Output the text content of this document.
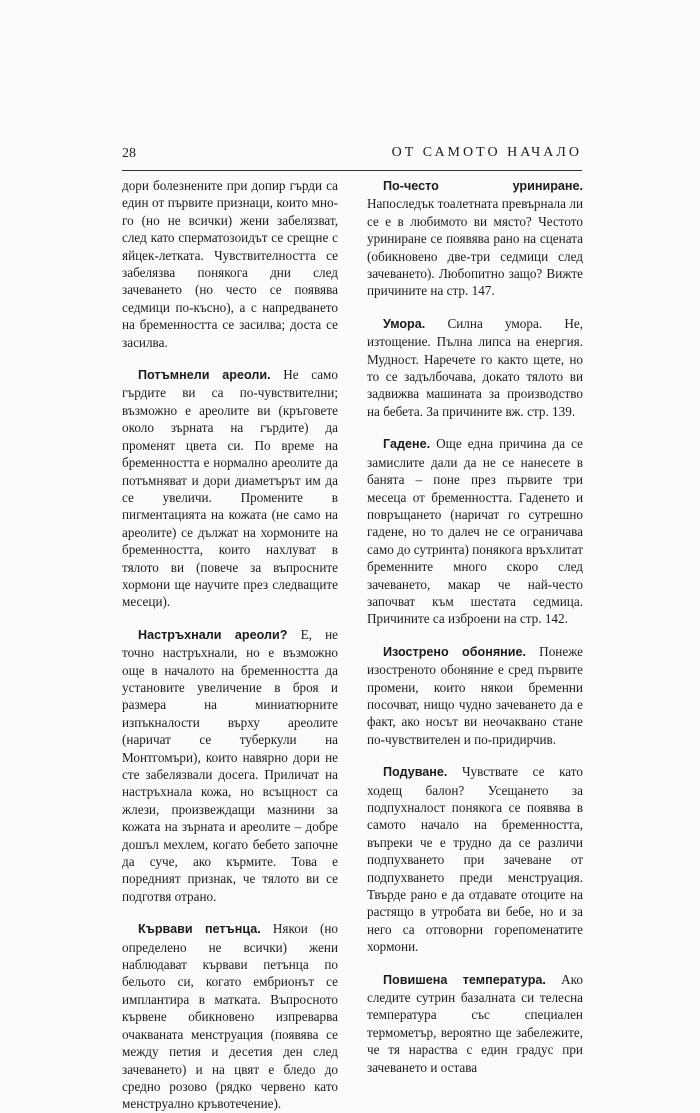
28	ОТ САМОТО НАЧАЛО

дори болезнените при допир гърди са един от първите признаци, които мно-го (но не всички) жени забелязват, след като сперматозоидът се срещне с яйцек-летката. Чувствителността се забелязва понякога дни след зачеването (но често се появява седмици по-късно), а с напредването на бременността се засилва; доста се засилва.

Потъмнели ареоли. Не само гърдите ви са по-чувствителни; възможно е ареолите ви (кръговете около зърната на гърдите) да променят цвета си. По време на бременността е нормално ареолите да потъмняват и дори диаметърът им да се увеличи. Промените в пигментацията на кожата (не само на ареолите) се дължат на хормоните на бременността, които нахлуват в тялото ви (повече за въпросните хормони ще научите през следващите месеци).

Настръхнали ареоли? Е, не точно настръхнали, но е възможно още в началото на бременността да установите увеличение в броя и размера на миниатюрните изпъкналости върху ареолите (наричат се туберкули на Монтгомъри), които навярно дори не сте забелязвали досега. Приличат на настръхнала кожа, но всъщност са жлези, произвеждащи мазнини за кожата на зърната и ареолите – добре дошъл мехлем, когато бебето започне да суче, ако кърмите. Това е поредният признак, че тялото ви се подготвя отрано.

Кървави петънца. Някои (но определено не всички) жени наблюдават кървави петънца по бельото си, когато ембрионът се имплантира в матката. Въпросното кървене обикновено изпреварва очакваната менструация (появява се между петия и десетия ден след зачеването) и на цвят е бледо до средно розово (рядко червено като менструално кръвотечение).

По-често уриниране. Напоследък тоалетната превърнала ли се е в любимото ви място? Честото уриниране се появява рано на сцената (обикновено две-три седмици след зачеването). Любопитно защо? Вижте причините на стр. 147.

Умора. Силна умора. Не, изтощение. Пълна липса на енергия. Мудност. Наречете го както щете, но то се задълбочава, докато тялото ви задвижва машината за производство на бебета. За причините вж. стр. 139.

Гадене. Още една причина да се замислите дали да не се нанесете в банята – поне през първите три месеца от бременността. Гаденето и повръщането (наричат го сутрешно гадене, но то далеч не се ограничава само до сутринта) понякога връхлитат бременните много скоро след зачеването, макар че най-често започват към шестата седмица. Причините са изброени на стр. 142.

Изострено обоняние. Понеже изостреното обоняние е сред първите промени, които някои бременни посочват, нищо чудно зачеването да е факт, ако носът ви неочаквано стане по-чувствителен и по-придирчив.

Подуване. Чувствате се като ходещ балон? Усещането за подпухналост понякога се появява в самото начало на бременността, въпреки че е трудно да се различи подпухването при зачеване от подпухването преди менструация. Твърде рано е да отдавате отоците на растящо в утробата ви бебе, но и за него са отговорни горепоменатите хормони.

Повишена температура. Ако следите сутрин базалната си телесна температура със специален термометър, вероятно ще забележите, че тя нараства с един градус при зачеването и остава
